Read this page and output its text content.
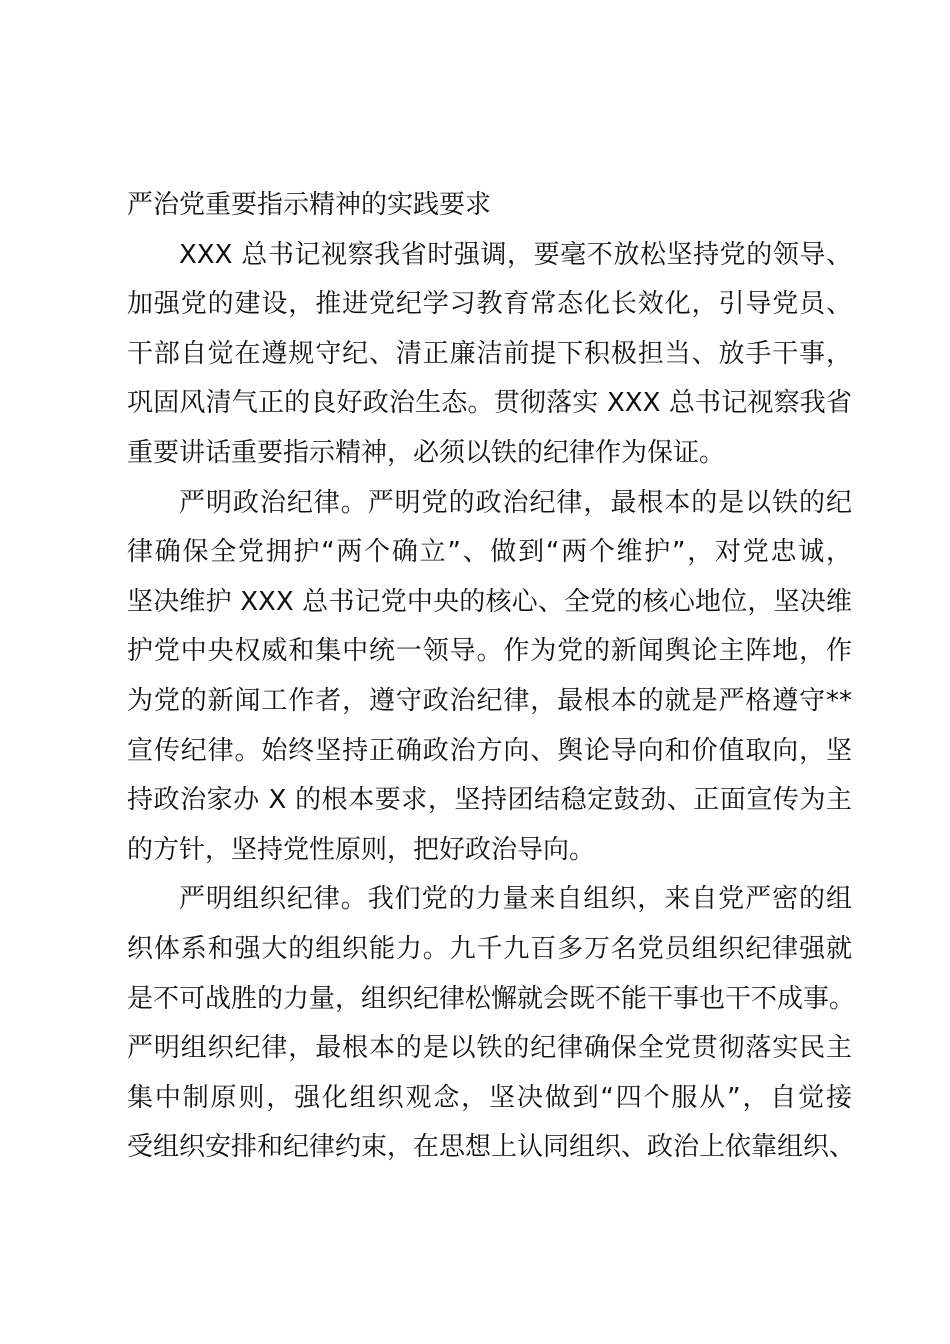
严治党重要指示精神的实践要求
XXX 总书记视察我省时强调，要毫不放松坚持党的领导、
加强党的建设，推进党纪学习教育常态化长效化，引导党员、
干部自觉在遵规守纪、清正廉洁前提下积极担当、放手干事，
巩固风清气正的良好政治生态。贯彻落实 XXX 总书记视察我省
重要讲话重要指示精神，必须以铁的纪律作为保证。
严明政治纪律。严明党的政治纪律，最根本的是以铁的纪
律确保全党拥护“两个确立”、做到“两个维护”，对党忠诚，
坚决维护 XXX 总书记党中央的核心、全党的核心地位，坚决维
护党中央权威和集中统一领导。作为党的新闻舆论主阵地，作
为党的新闻工作者，遵守政治纪律，最根本的就是严格遵守**
宣传纪律。始终坚持正确政治方向、舆论导向和价值取向，坚
持政治家办 X 的根本要求，坚持团结稳定鼓劲、正面宣传为主
的方针，坚持党性原则，把好政治导向。
严明组织纪律。我们党的力量来自组织，来自党严密的组
织体系和强大的组织能力。九千九百多万名党员组织纪律强就
是不可战胜的力量，组织纪律松懈就会既不能干事也干不成事。
严明组织纪律，最根本的是以铁的纪律确保全党贯彻落实民主
集中制原则，强化组织观念，坚决做到“四个服从”，自觉接
受组织安排和纪律约束，在思想上认同组织、政治上依靠组织、
